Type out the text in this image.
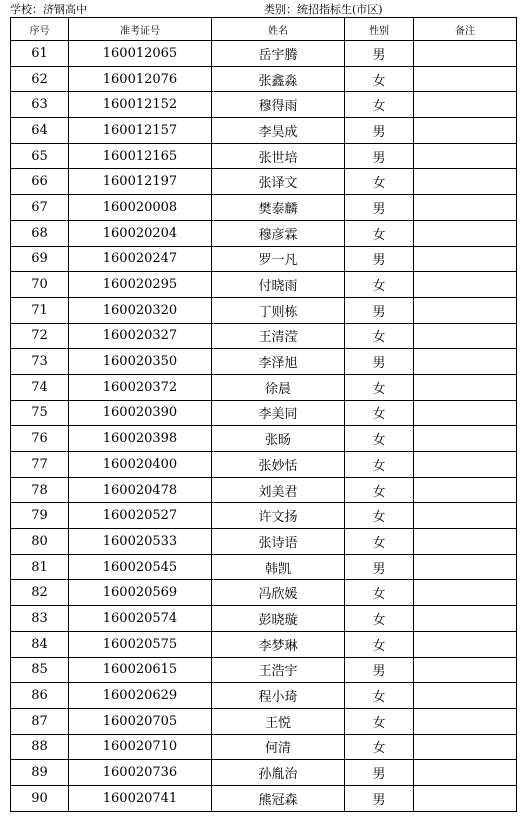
学校：济钢高中	类别：统招指标生(市区)
序号	准考证号	姓名	性别	备注
61	160012065	岳宇腾	男	
62	160012076	张鑫淼	女	
63	160012152	穆得雨	女	
64	160012157	李昊成	男	
65	160012165	张世培	男	
66	160012197	张译文	女	
67	160020008	樊泰麟	男	
68	160020204	穆彦霖	女	
69	160020247	罗一凡	男	
70	160020295	付晓雨	女	
71	160020320	丁则栋	男	
72	160020327	王清滢	女	
73	160020350	李泽旭	男	
74	160020372	徐晨	女	
75	160020390	李美同	女	
76	160020398	张旸	女	
77	160020400	张妙恬	女	
78	160020478	刘美君	女	
79	160020527	许文扬	女	
80	160020533	张诗语	女	
81	160020545	韩凯	男	
82	160020569	冯欣媛	女	
83	160020574	彭晓璇	女	
84	160020575	李梦琳	女	
85	160020615	王浩宇	男	
86	160020629	程小琦	女	
87	160020705	王悦	女	
88	160020710	何清	女	
89	160020736	孙胤治	男	
90	160020741	熊冠森	男	
